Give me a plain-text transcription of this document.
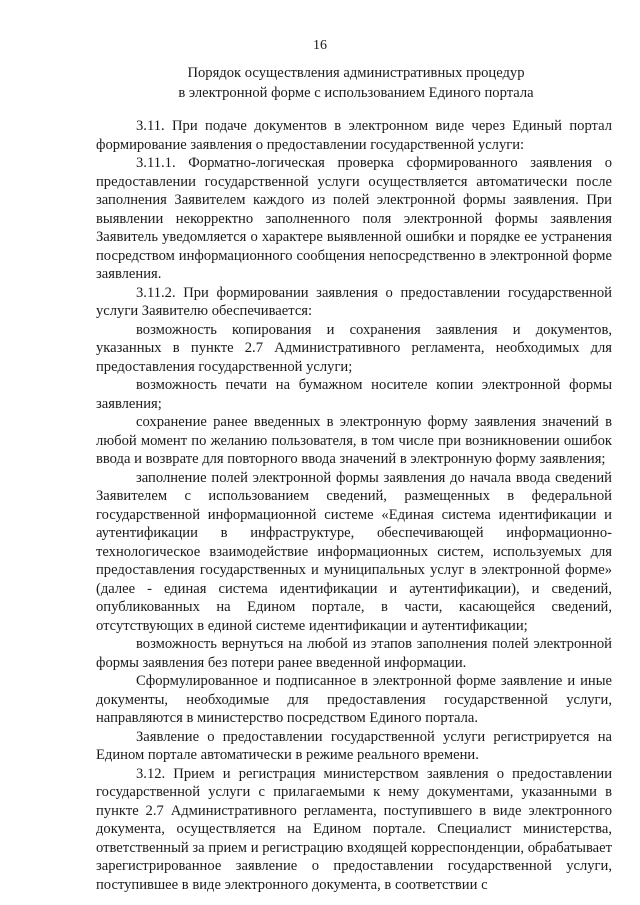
16
Порядок осуществления административных процедур
в электронной форме с использованием Единого портала

3.11. При подаче документов в электронном виде через Единый портал формирование заявления о предоставлении государственной услуги:

3.11.1. Форматно-логическая проверка сформированного заявления о предоставлении государственной услуги осуществляется автоматически после заполнения Заявителем каждого из полей электронной формы заявления. При выявлении некорректно заполненного поля электронной формы заявления Заявитель уведомляется о характере выявленной ошибки и порядке ее устранения посредством информационного сообщения непосредственно в электронной форме заявления.

3.11.2. При формировании заявления о предоставлении государственной услуги Заявителю обеспечивается:

возможность копирования и сохранения заявления и документов, указанных в пункте 2.7 Административного регламента, необходимых для предоставления государственной услуги;

возможность печати на бумажном носителе копии электронной формы заявления;

сохранение ранее введенных в электронную форму заявления значений в любой момент по желанию пользователя, в том числе при возникновении ошибок ввода и возврате для повторного ввода значений в электронную форму заявления;

заполнение полей электронной формы заявления до начала ввода сведений Заявителем с использованием сведений, размещенных в федеральной государственной информационной системе «Единая система идентификации и аутентификации в инфраструктуре, обеспечивающей информационно-технологическое взаимодействие информационных систем, используемых для предоставления государственных и муниципальных услуг в электронной форме» (далее - единая система идентификации и аутентификации), и сведений, опубликованных на Едином портале, в части, касающейся сведений, отсутствующих в единой системе идентификации и аутентификации;

возможность вернуться на любой из этапов заполнения полей электронной формы заявления без потери ранее введенной информации.

Сформулированное и подписанное в электронной форме заявление и иные документы, необходимые для предоставления государственной услуги, направляются в министерство посредством Единого портала.

Заявление о предоставлении государственной услуги регистрируется на Едином портале автоматически в режиме реального времени.

3.12. Прием и регистрация министерством заявления о предоставлении государственной услуги с прилагаемыми к нему документами, указанными в пункте 2.7 Административного регламента, поступившего в виде электронного документа, осуществляется на Едином портале. Специалист министерства, ответственный за прием и регистрацию входящей корреспонденции, обрабатывает зарегистрированное заявление о предоставлении государственной услуги, поступившее в виде электронного документа, в соответствии с
